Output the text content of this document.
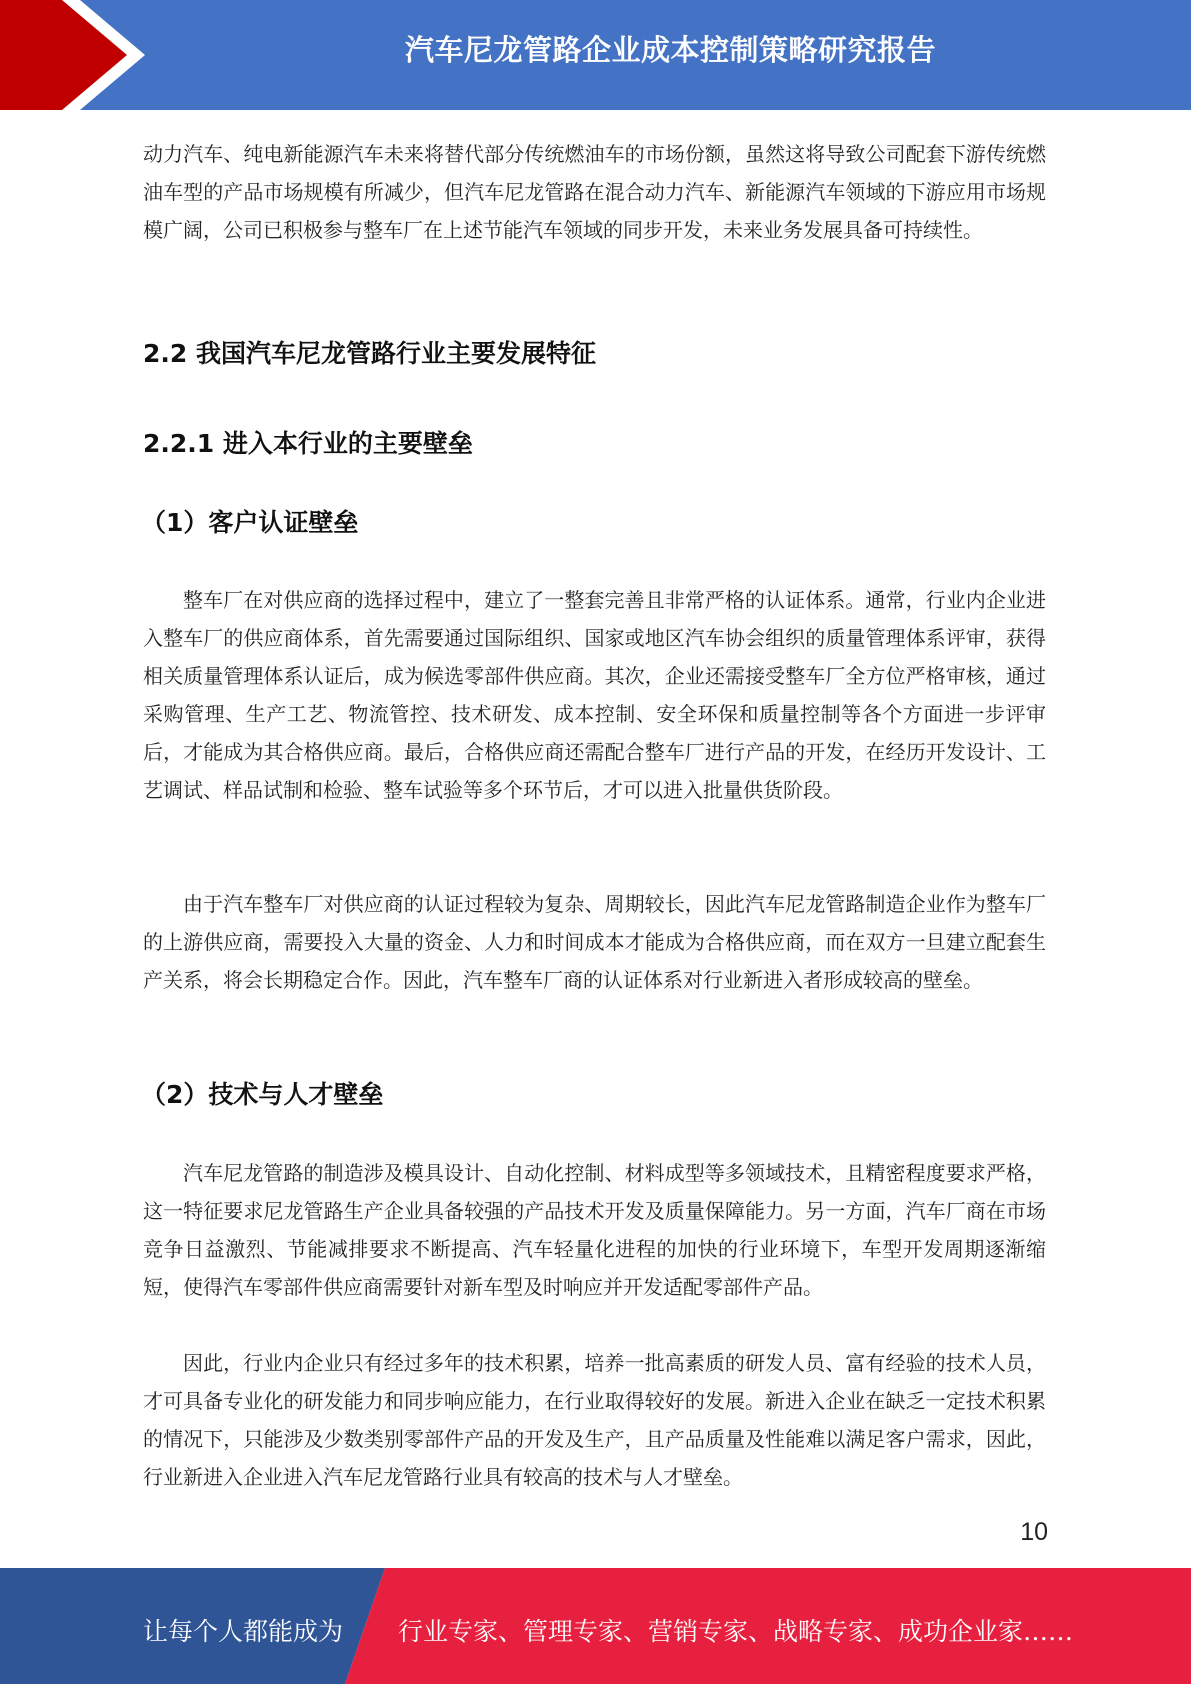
汽车尼龙管路企业成本控制策略研究报告

动力汽车、纯电新能源汽车未来将替代部分传统燃油车的市场份额，虽然这将导致公司配套下游传统燃油车型的产品市场规模有所减少，但汽车尼龙管路在混合动力汽车、新能源汽车领域的下游应用市场规模广阔，公司已积极参与整车厂在上述节能汽车领域的同步开发，未来业务发展具备可持续性。

2.2 我国汽车尼龙管路行业主要发展特征
2.2.1 进入本行业的主要壁垒
（1）客户认证壁垒

整车厂在对供应商的选择过程中，建立了一整套完善且非常严格的认证体系。通常，行业内企业进入整车厂的供应商体系，首先需要通过国际组织、国家或地区汽车协会组织的质量管理体系评审，获得相关质量管理体系认证后，成为候选零部件供应商。其次，企业还需接受整车厂全方位严格审核，通过采购管理、生产工艺、物流管控、技术研发、成本控制、安全环保和质量控制等各个方面进一步评审后，才能成为其合格供应商。最后，合格供应商还需配合整车厂进行产品的开发，在经历开发设计、工艺调试、样品试制和检验、整车试验等多个环节后，才可以进入批量供货阶段。

由于汽车整车厂对供应商的认证过程较为复杂、周期较长，因此汽车尼龙管路制造企业作为整车厂的上游供应商，需要投入大量的资金、人力和时间成本才能成为合格供应商，而在双方一旦建立配套生产关系，将会长期稳定合作。因此，汽车整车厂商的认证体系对行业新进入者形成较高的壁垒。

（2）技术与人才壁垒

汽车尼龙管路的制造涉及模具设计、自动化控制、材料成型等多领域技术，且精密程度要求严格，这一特征要求尼龙管路生产企业具备较强的产品技术开发及质量保障能力。另一方面，汽车厂商在市场竞争日益激烈、节能减排要求不断提高、汽车轻量化进程的加快的行业环境下，车型开发周期逐渐缩短，使得汽车零部件供应商需要针对新车型及时响应并开发适配零部件产品。

因此，行业内企业只有经过多年的技术积累，培养一批高素质的研发人员、富有经验的技术人员，才可具备专业化的研发能力和同步响应能力，在行业取得较好的发展。新进入企业在缺乏一定技术积累的情况下，只能涉及少数类别零部件产品的开发及生产，且产品质量及性能难以满足客户需求，因此，行业新进入企业进入汽车尼龙管路行业具有较高的技术与人才壁垒。

10
让每个人都能成为 行业专家、管理专家、营销专家、战略专家、成功企业家……
